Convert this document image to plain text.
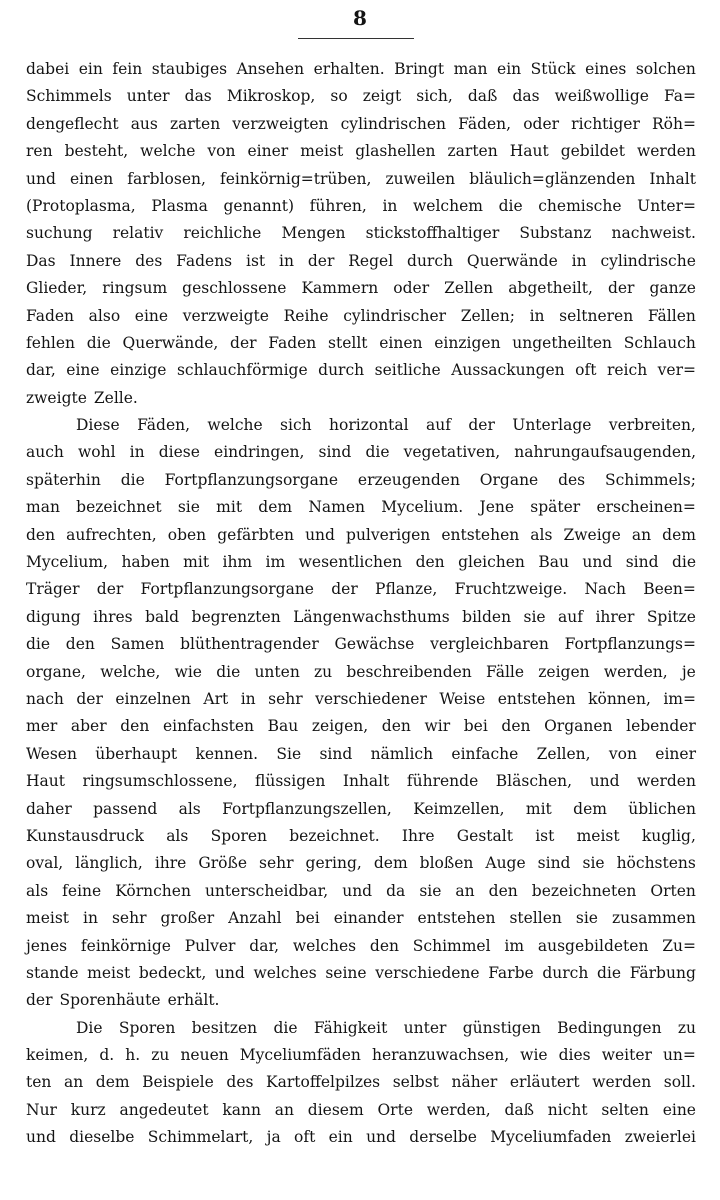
8
dabei ein fein staubiges Ansehen erhalten. Bringt man ein Stück eines solchen
Schimmels unter das Mikroskop, so zeigt sich, daß das weißwollige Fa=
dengeflecht aus zarten verzweigten cylindrischen Fäden, oder richtiger Röh=
ren besteht, welche von einer meist glashellen zarten Haut gebildet werden
und einen farblosen, feinkörnig=trüben, zuweilen bläulich=glänzenden Inhalt
(Protoplasma, Plasma genannt) führen, in welchem die chemische Unter=
suchung relativ reichliche Mengen stickstoffhaltiger Substanz nachweist.
Das Innere des Fadens ist in der Regel durch Querwände in cylindrische
Glieder, ringsum geschlossene Kammern oder Zellen abgetheilt, der ganze
Faden also eine verzweigte Reihe cylindrischer Zellen; in seltneren Fällen
fehlen die Querwände, der Faden stellt einen einzigen ungetheilten Schlauch
dar, eine einzige schlauchförmige durch seitliche Aussackungen oft reich ver=
zweigte Zelle.
Diese Fäden, welche sich horizontal auf der Unterlage verbreiten,
auch wohl in diese eindringen, sind die vegetativen, nahrungaufsaugenden,
späterhin die Fortpflanzungsorgane erzeugenden Organe des Schimmels;
man bezeichnet sie mit dem Namen Mycelium. Jene später erscheinen=
den aufrechten, oben gefärbten und pulverigen entstehen als Zweige an dem
Mycelium, haben mit ihm im wesentlichen den gleichen Bau und sind die
Träger der Fortpflanzungsorgane der Pflanze, Fruchtzweige. Nach Been=
digung ihres bald begrenzten Längenwachsthums bilden sie auf ihrer Spitze
die den Samen blüthentragender Gewächse vergleichbaren Fortpflanzungs=
organe, welche, wie die unten zu beschreibenden Fälle zeigen werden, je
nach der einzelnen Art in sehr verschiedener Weise entstehen können, im=
mer aber den einfachsten Bau zeigen, den wir bei den Organen lebender
Wesen überhaupt kennen. Sie sind nämlich einfache Zellen, von einer
Haut ringsumschlossene, flüssigen Inhalt führende Bläschen, und werden
daher passend als Fortpflanzungszellen, Keimzellen, mit dem üblichen
Kunstausdruck als Sporen bezeichnet. Ihre Gestalt ist meist kuglig,
oval, länglich, ihre Größe sehr gering, dem bloßen Auge sind sie höchstens
als feine Körnchen unterscheidbar, und da sie an den bezeichneten Orten
meist in sehr großer Anzahl bei einander entstehen stellen sie zusammen
jenes feinkörnige Pulver dar, welches den Schimmel im ausgebildeten Zu=
stande meist bedeckt, und welches seine verschiedene Farbe durch die Färbung
der Sporenhäute erhält.
Die Sporen besitzen die Fähigkeit unter günstigen Bedingungen zu
keimen, d. h. zu neuen Myceliumfäden heranzuwachsen, wie dies weiter un=
ten an dem Beispiele des Kartoffelpilzes selbst näher erläutert werden soll.
Nur kurz angedeutet kann an diesem Orte werden, daß nicht selten eine
und dieselbe Schimmelart, ja oft ein und derselbe Myceliumfaden zweierlei
